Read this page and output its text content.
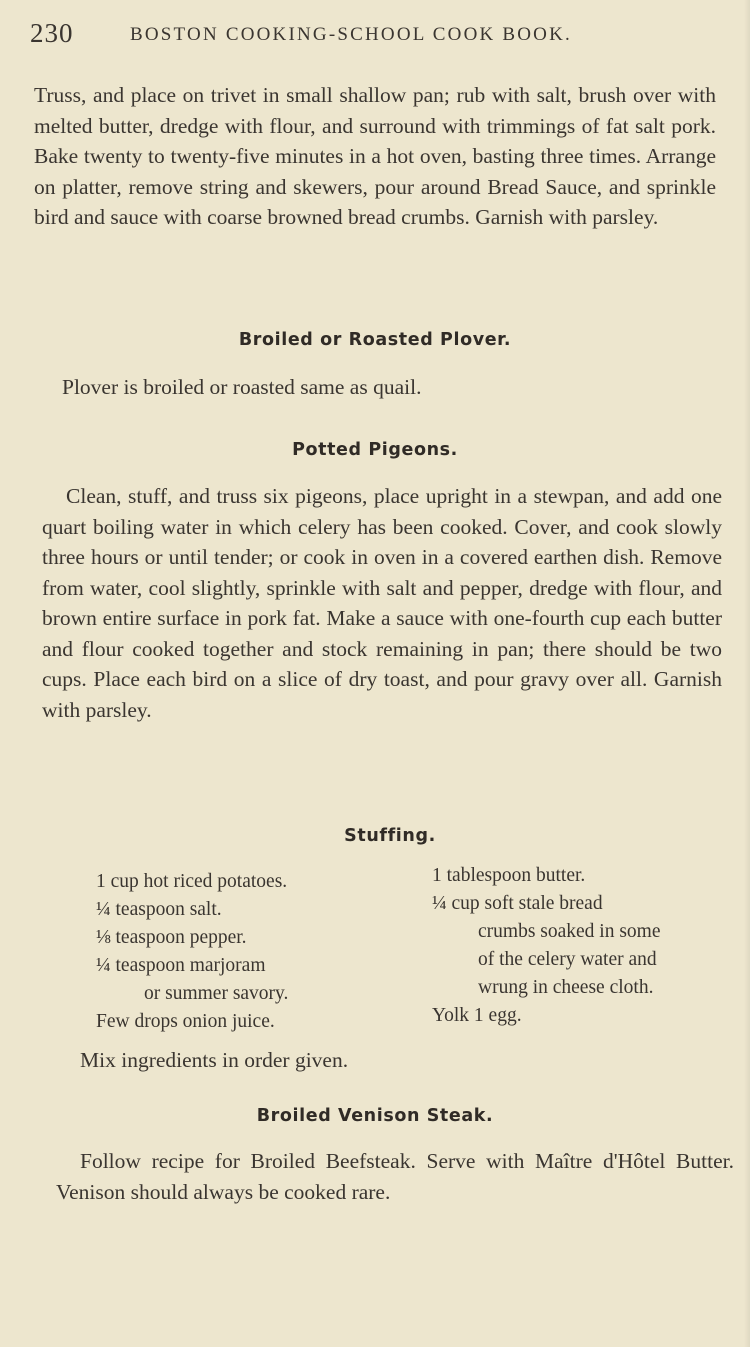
230	BOSTON COOKING-SCHOOL COOK BOOK.

Truss, and place on trivet in small shallow pan; rub with salt, brush over with melted butter, dredge with flour, and surround with trimmings of fat salt pork. Bake twenty to twenty-five minutes in a hot oven, basting three times. Arrange on platter, remove string and skewers, pour around Bread Sauce, and sprinkle bird and sauce with coarse browned bread crumbs. Garnish with parsley.

Broiled or Roasted Plover.

Plover is broiled or roasted same as quail.

Potted Pigeons.

Clean, stuff, and truss six pigeons, place upright in a stewpan, and add one quart boiling water in which celery has been cooked. Cover, and cook slowly three hours or until tender; or cook in oven in a covered earthen dish. Remove from water, cool slightly, sprinkle with salt and pepper, dredge with flour, and brown entire surface in pork fat. Make a sauce with one-fourth cup each butter and flour cooked together and stock remaining in pan; there should be two cups. Place each bird on a slice of dry toast, and pour gravy over all. Garnish with parsley.

Stuffing.
1 cup hot riced potatoes.
¼ teaspoon salt.
⅛ teaspoon pepper.
¼ teaspoon marjoram
or summer savory.
Few drops onion juice.
1 tablespoon butter.
¼ cup soft stale bread
crumbs soaked in some
of the celery water and
wrung in cheese cloth.
Yolk 1 egg.
Mix ingredients in order given.
Broiled Venison Steak.

Follow recipe for Broiled Beefsteak. Serve with Maître d'Hôtel Butter. Venison should always be cooked rare.
